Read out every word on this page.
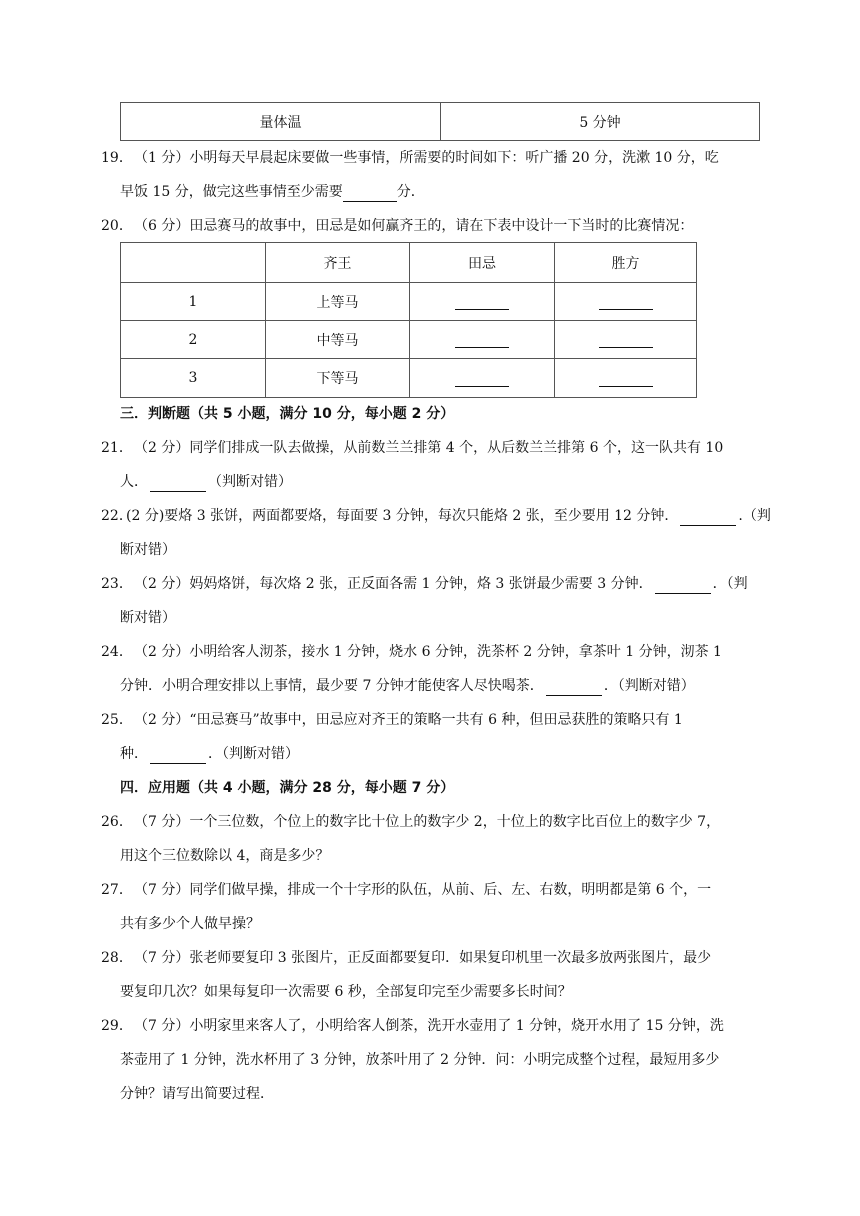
量体温	5 分钟
19． （1 分）小明每天早晨起床要做一些事情，所需要的时间如下：听广播 20 分，洗漱 10 分，吃
早饭 15 分，做完这些事情至少需要	分．
20． （6 分）田忌赛马的故事中，田忌是如何赢齐王的，请在下表中设计一下当时的比赛情况：
	齐王	田忌	胜方
1	上等马		
2	中等马		
3	下等马		
三．判断题（共 5 小题，满分 10 分，每小题 2 分）
21． （2 分）同学们排成一队去做操，从前数兰兰排第 4 个，从后数兰兰排第 6 个，这一队共有 10
人．	（判断对错）
22．
(2 分)要烙 3 张饼，两面都要烙，每面要 3 分钟，每次只能烙 2 张，至少要用 12 分钟．	.（判
断对错）
23． （2 分）妈妈烙饼，每次烙 2 张，正反面各需 1 分钟，烙 3 张饼最少需要 3 分钟．	．（判
断对错）
24． （2 分）小明给客人沏茶，接水 1 分钟，烧水 6 分钟，洗茶杯 2 分钟，拿茶叶 1 分钟，沏茶 1
分钟．小明合理安排以上事情，最少要 7 分钟才能使客人尽快喝茶．	．（判断对错）
25． （2 分）“田忌赛马”故事中，田忌应对齐王的策略一共有 6 种，但田忌获胜的策略只有 1
种．	．（判断对错）
四．应用题（共 4 小题，满分 28 分，每小题 7 分）
26． （7 分）一个三位数，个位上的数字比十位上的数字少 2，十位上的数字比百位上的数字少 7，
用这个三位数除以 4，商是多少？
27． （7 分）同学们做早操，排成一个十字形的队伍，从前、后、左、右数，明明都是第 6 个，一
共有多少个人做早操？
28． （7 分）张老师要复印 3 张图片，正反面都要复印．如果复印机里一次最多放两张图片，最少
要复印几次？如果每复印一次需要 6 秒，全部复印完至少需要多长时间？
29． （7 分）小明家里来客人了，小明给客人倒茶，洗开水壶用了 1 分钟，烧开水用了 15 分钟，洗
茶壶用了 1 分钟，洗水杯用了 3 分钟，放茶叶用了 2 分钟．问：小明完成整个过程，最短用多少
分钟？请写出简要过程．
